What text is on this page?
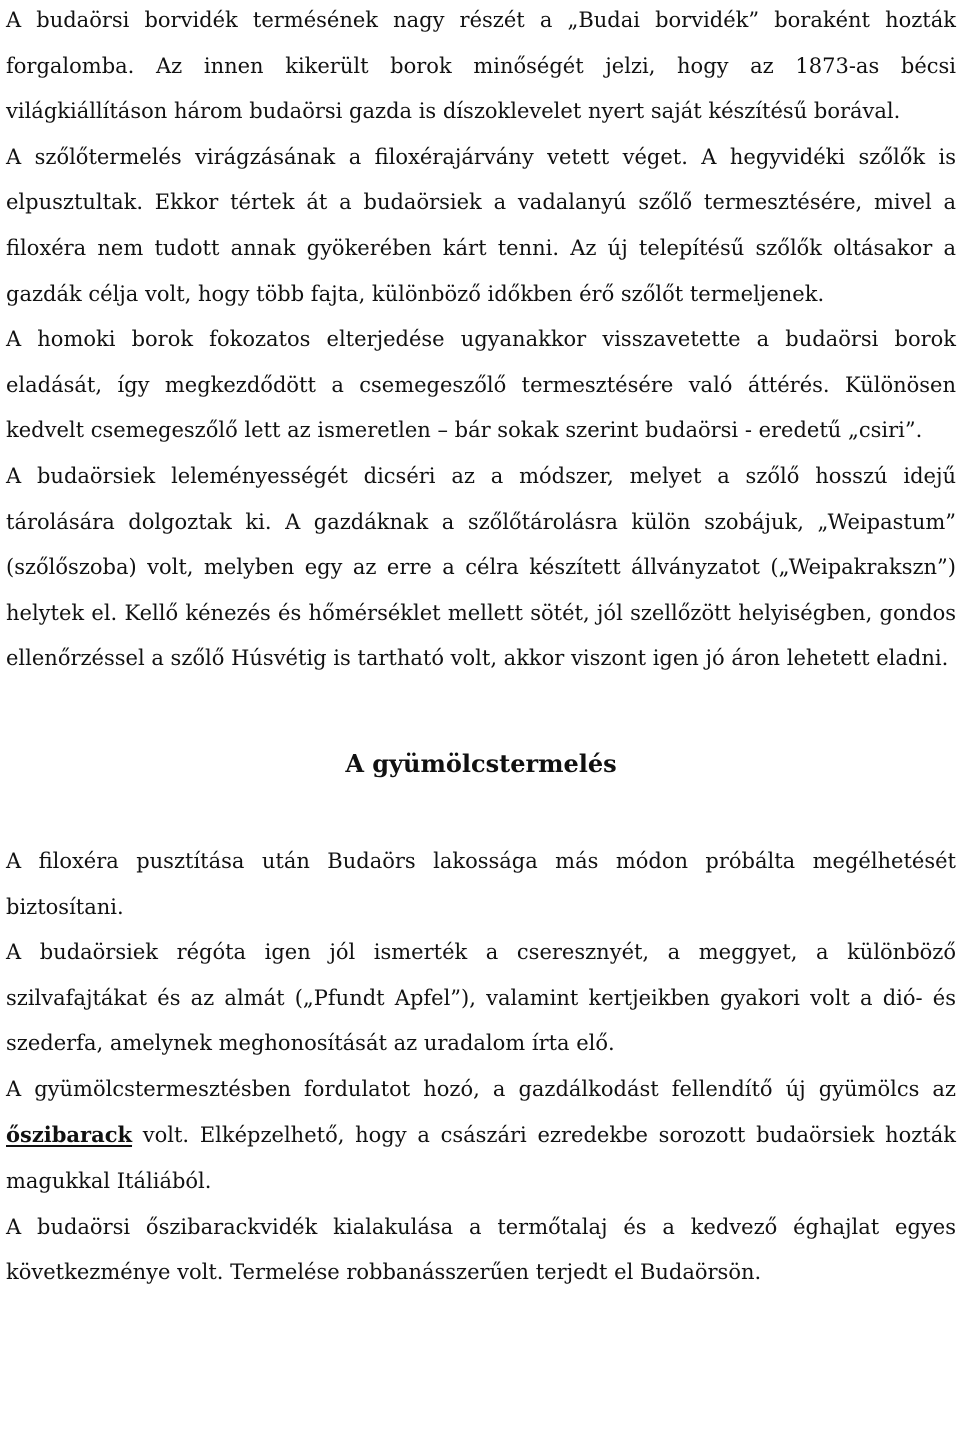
A budaörsi borvidék termésének nagy részét a „Budai borvidék” boraként hozták forgalomba. Az innen kikerült borok minőségét jelzi, hogy az 1873-as bécsi világkiállításon három budaörsi gazda is díszoklevelet nyert saját készítésű borával.

A szőlőtermelés virágzásának a filoxérajárvány vetett véget. A hegyvidéki szőlők is elpusztultak. Ekkor tértek át a budaörsiek a vadalanyú szőlő termesztésére, mivel a filoxéra nem tudott annak gyökerében kárt tenni. Az új telepítésű szőlők oltásakor a gazdák célja volt, hogy több fajta, különböző időkben érő szőlőt termeljenek.

A homoki borok fokozatos elterjedése ugyanakkor visszavetette a budaörsi borok eladását, így megkezdődött a csemegeszőlő termesztésére való áttérés. Különösen kedvelt csemegeszőlő lett az ismeretlen – bár sokak szerint budaörsi - eredetű „csiri”.

A budaörsiek leleményességét dicséri az a módszer, melyet a szőlő hosszú idejű tárolására dolgoztak ki. A gazdáknak a szőlőtárolásra külön szobájuk, „Weipastum” (szőlőszoba) volt, melyben egy az erre a célra készített állványzatot („Weipakrakszn”) helytek el. Kellő kénezés és hőmérséklet mellett sötét, jól szellőzött helyiségben, gondos ellenőrzéssel a szőlő Húsvétig is tartható volt, akkor viszont igen jó áron lehetett eladni.

A gyümölcstermelés

A filoxéra pusztítása után Budaörs lakossága más módon próbálta megélhetését biztosítani.

A budaörsiek régóta igen jól ismerték a cseresznyét, a meggyet, a különböző szilvafajtákat és az almát („Pfundt Apfel”), valamint kertjeikben gyakori volt a dió- és szederfa, amelynek meghonosítását az uradalom írta elő.

A gyümölcstermesztésben fordulatot hozó, a gazdálkodást fellendítő új gyümölcs az őszibarack volt. Elképzelhető, hogy a császári ezredekbe sorozott budaörsiek hozták magukkal Itáliából.

A budaörsi őszibarackvidék kialakulása a termőtalaj és a kedvező éghajlat egyes következménye volt. Termelése robbanásszerűen terjedt el Budaörsön.
